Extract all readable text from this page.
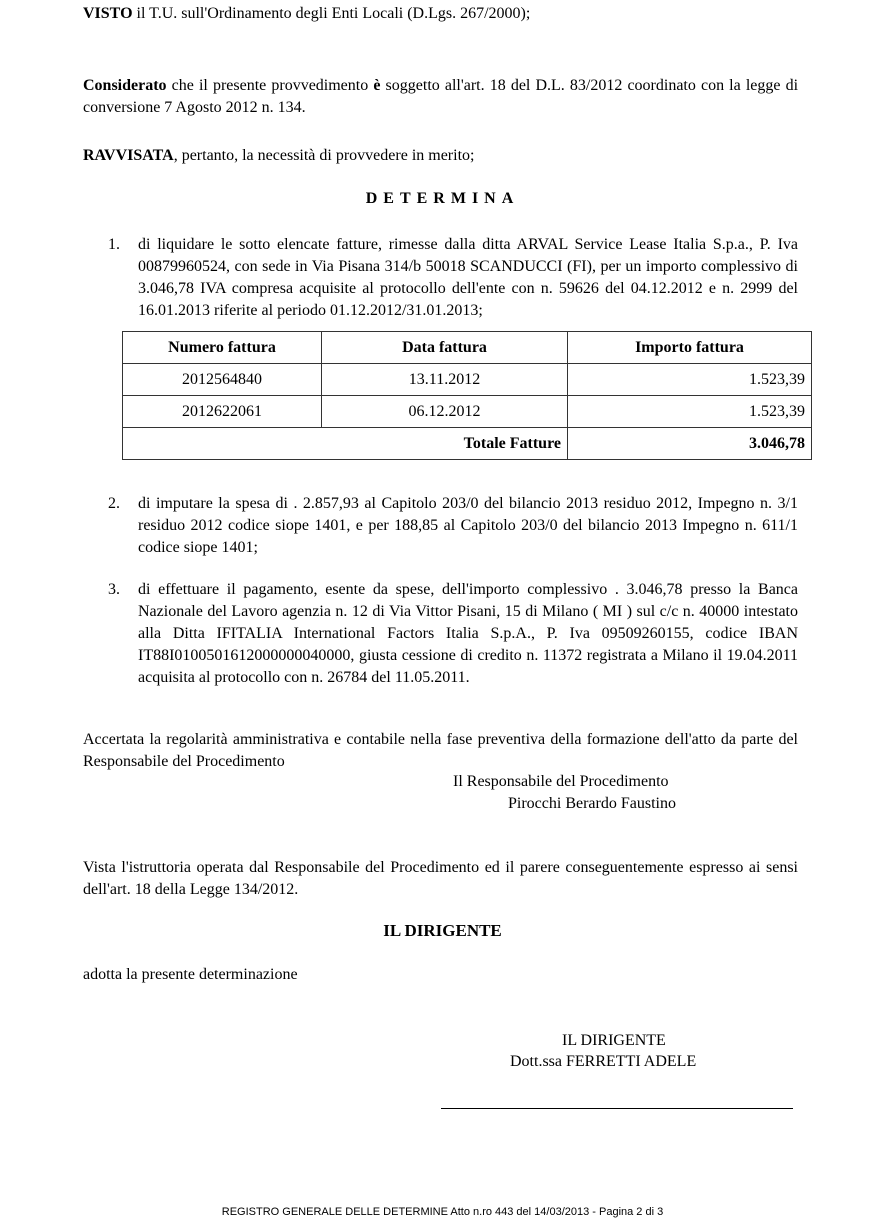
VISTO il T.U. sull'Ordinamento degli Enti Locali (D.Lgs. 267/2000);
Considerato che il presente provvedimento è soggetto all'art. 18 del D.L. 83/2012 coordinato con la legge di conversione 7 Agosto 2012 n. 134.
RAVVISATA, pertanto, la necessità di provvedere in merito;
DETERMINA
1. di liquidare le sotto elencate fatture, rimesse dalla ditta ARVAL Service Lease Italia S.p.a., P. Iva 00879960524, con sede in Via Pisana 314/b 50018 SCANDUCCI (FI), per un importo complessivo di 3.046,78 IVA compresa acquisite al protocollo dell'ente con n. 59626 del 04.12.2012 e n. 2999 del 16.01.2013 riferite al periodo 01.12.2012/31.01.2013;
Numero fattura	Data fattura	Importo fattura
2012564840	13.11.2012	1.523,39
2012622061	06.12.2012	1.523,39
Totale Fatture		3.046,78
2. di imputare la spesa di . 2.857,93 al Capitolo 203/0 del bilancio 2013 residuo 2012, Impegno n. 3/1 residuo 2012 codice siope 1401, e per 188,85 al Capitolo 203/0 del bilancio 2013 Impegno n. 611/1 codice siope 1401;
3. di effettuare il pagamento, esente da spese, dell'importo complessivo . 3.046,78 presso la Banca Nazionale del Lavoro agenzia n. 12 di Via Vittor Pisani, 15 di Milano ( MI ) sul c/c n. 40000 intestato alla Ditta IFITALIA International Factors Italia S.p.A., P. Iva 09509260155, codice IBAN IT88I0100501612000000040000, giusta cessione di credito n. 11372 registrata a Milano il 19.04.2011 acquisita al protocollo con n. 26784 del 11.05.2011.
Accertata la regolarità amministrativa e contabile nella fase preventiva della formazione dell'atto da parte del Responsabile del Procedimento
Il Responsabile del Procedimento
Pirocchi Berardo Faustino
Vista l'istruttoria operata dal Responsabile del Procedimento ed il parere conseguentemente espresso ai sensi dell'art. 18 della Legge 134/2012.
IL DIRIGENTE
adotta la presente determinazione
IL DIRIGENTE
Dott.ssa FERRETTI ADELE
REGISTRO GENERALE DELLE DETERMINE Atto n.ro 443 del 14/03/2013 - Pagina 2 di 3
